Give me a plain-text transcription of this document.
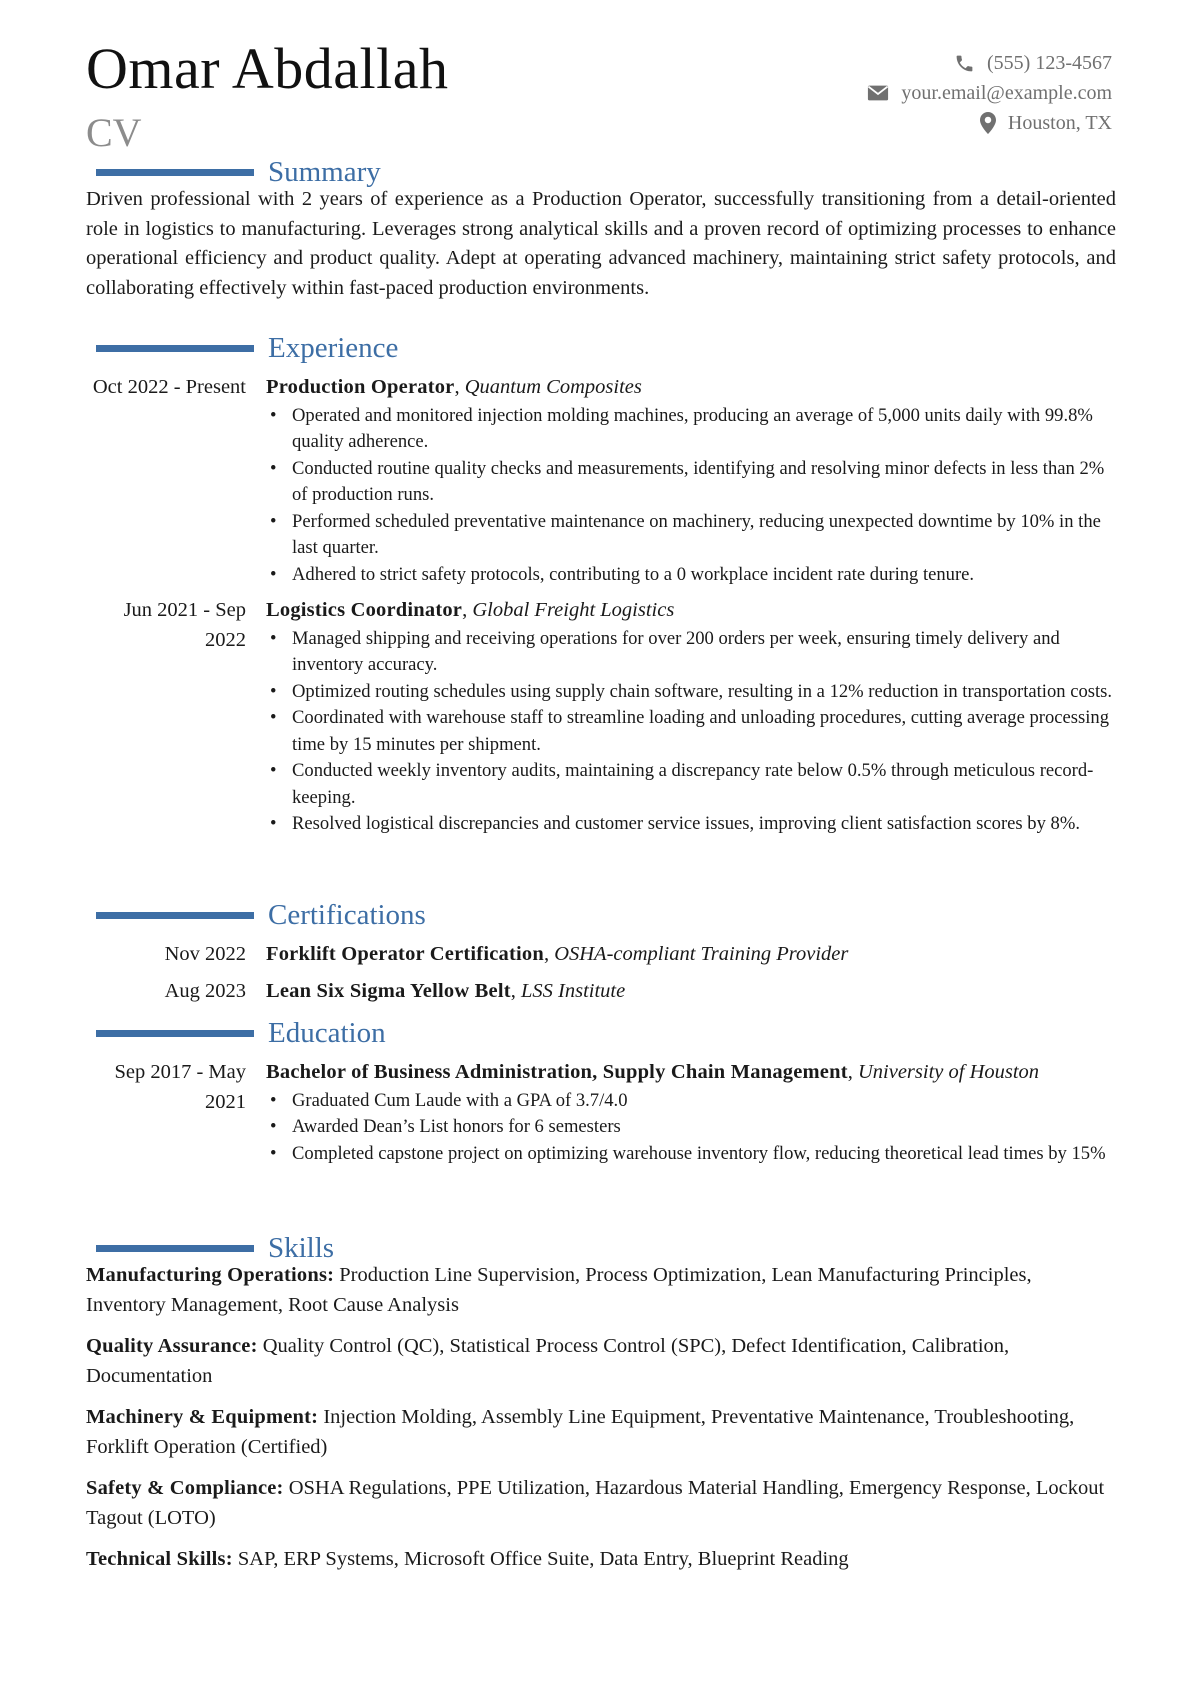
Omar Abdallah
CV
(555) 123-4567
your.email@example.com
Houston, TX
Summary
Driven professional with 2 years of experience as a Production Operator, successfully transitioning from a detail-oriented role in logistics to manufacturing. Leverages strong analytical skills and a proven record of optimizing processes to enhance operational efficiency and product quality. Adept at operating advanced machinery, maintaining strict safety protocols, and collaborating effectively within fast-paced production environments.
Experience
Oct 2022 - Present Production Operator, Quantum Composites
• Operated and monitored injection molding machines, producing an average of 5,000 units daily with 99.8% quality adherence.
• Conducted routine quality checks and measurements, identifying and resolving minor defects in less than 2% of production runs.
• Performed scheduled preventative maintenance on machinery, reducing unexpected downtime by 10% in the last quarter.
• Adhered to strict safety protocols, contributing to a 0 workplace incident rate during tenure.
Jun 2021 - Sep 2022
Logistics Coordinator, Global Freight Logistics
• Managed shipping and receiving operations for over 200 orders per week, ensuring timely delivery and inventory accuracy.
• Optimized routing schedules using supply chain software, resulting in a 12% reduction in transportation costs.
• Coordinated with warehouse staff to streamline loading and unloading procedures, cutting average processing time by 15 minutes per shipment.
• Conducted weekly inventory audits, maintaining a discrepancy rate below 0.5% through meticulous record-keeping.
• Resolved logistical discrepancies and customer service issues, improving client satisfaction scores by 8%.
Certifications
Nov 2022 Forklift Operator Certification, OSHA-compliant Training Provider
Aug 2023 Lean Six Sigma Yellow Belt, LSS Institute
Education
Sep 2017 - May 2021
Bachelor of Business Administration, Supply Chain Management, University of Houston
• Graduated Cum Laude with a GPA of 3.7/4.0
• Awarded Dean’s List honors for 6 semesters
• Completed capstone project on optimizing warehouse inventory flow, reducing theoretical lead times by 15%
Skills
Manufacturing Operations: Production Line Supervision, Process Optimization, Lean Manufacturing Principles, Inventory Management, Root Cause Analysis
Quality Assurance: Quality Control (QC), Statistical Process Control (SPC), Defect Identification, Calibration, Documentation
Machinery & Equipment: Injection Molding, Assembly Line Equipment, Preventative Maintenance, Troubleshooting, Forklift Operation (Certified)
Safety & Compliance: OSHA Regulations, PPE Utilization, Hazardous Material Handling, Emergency Response, Lockout Tagout (LOTO)
Technical Skills: SAP, ERP Systems, Microsoft Office Suite, Data Entry, Blueprint Reading
